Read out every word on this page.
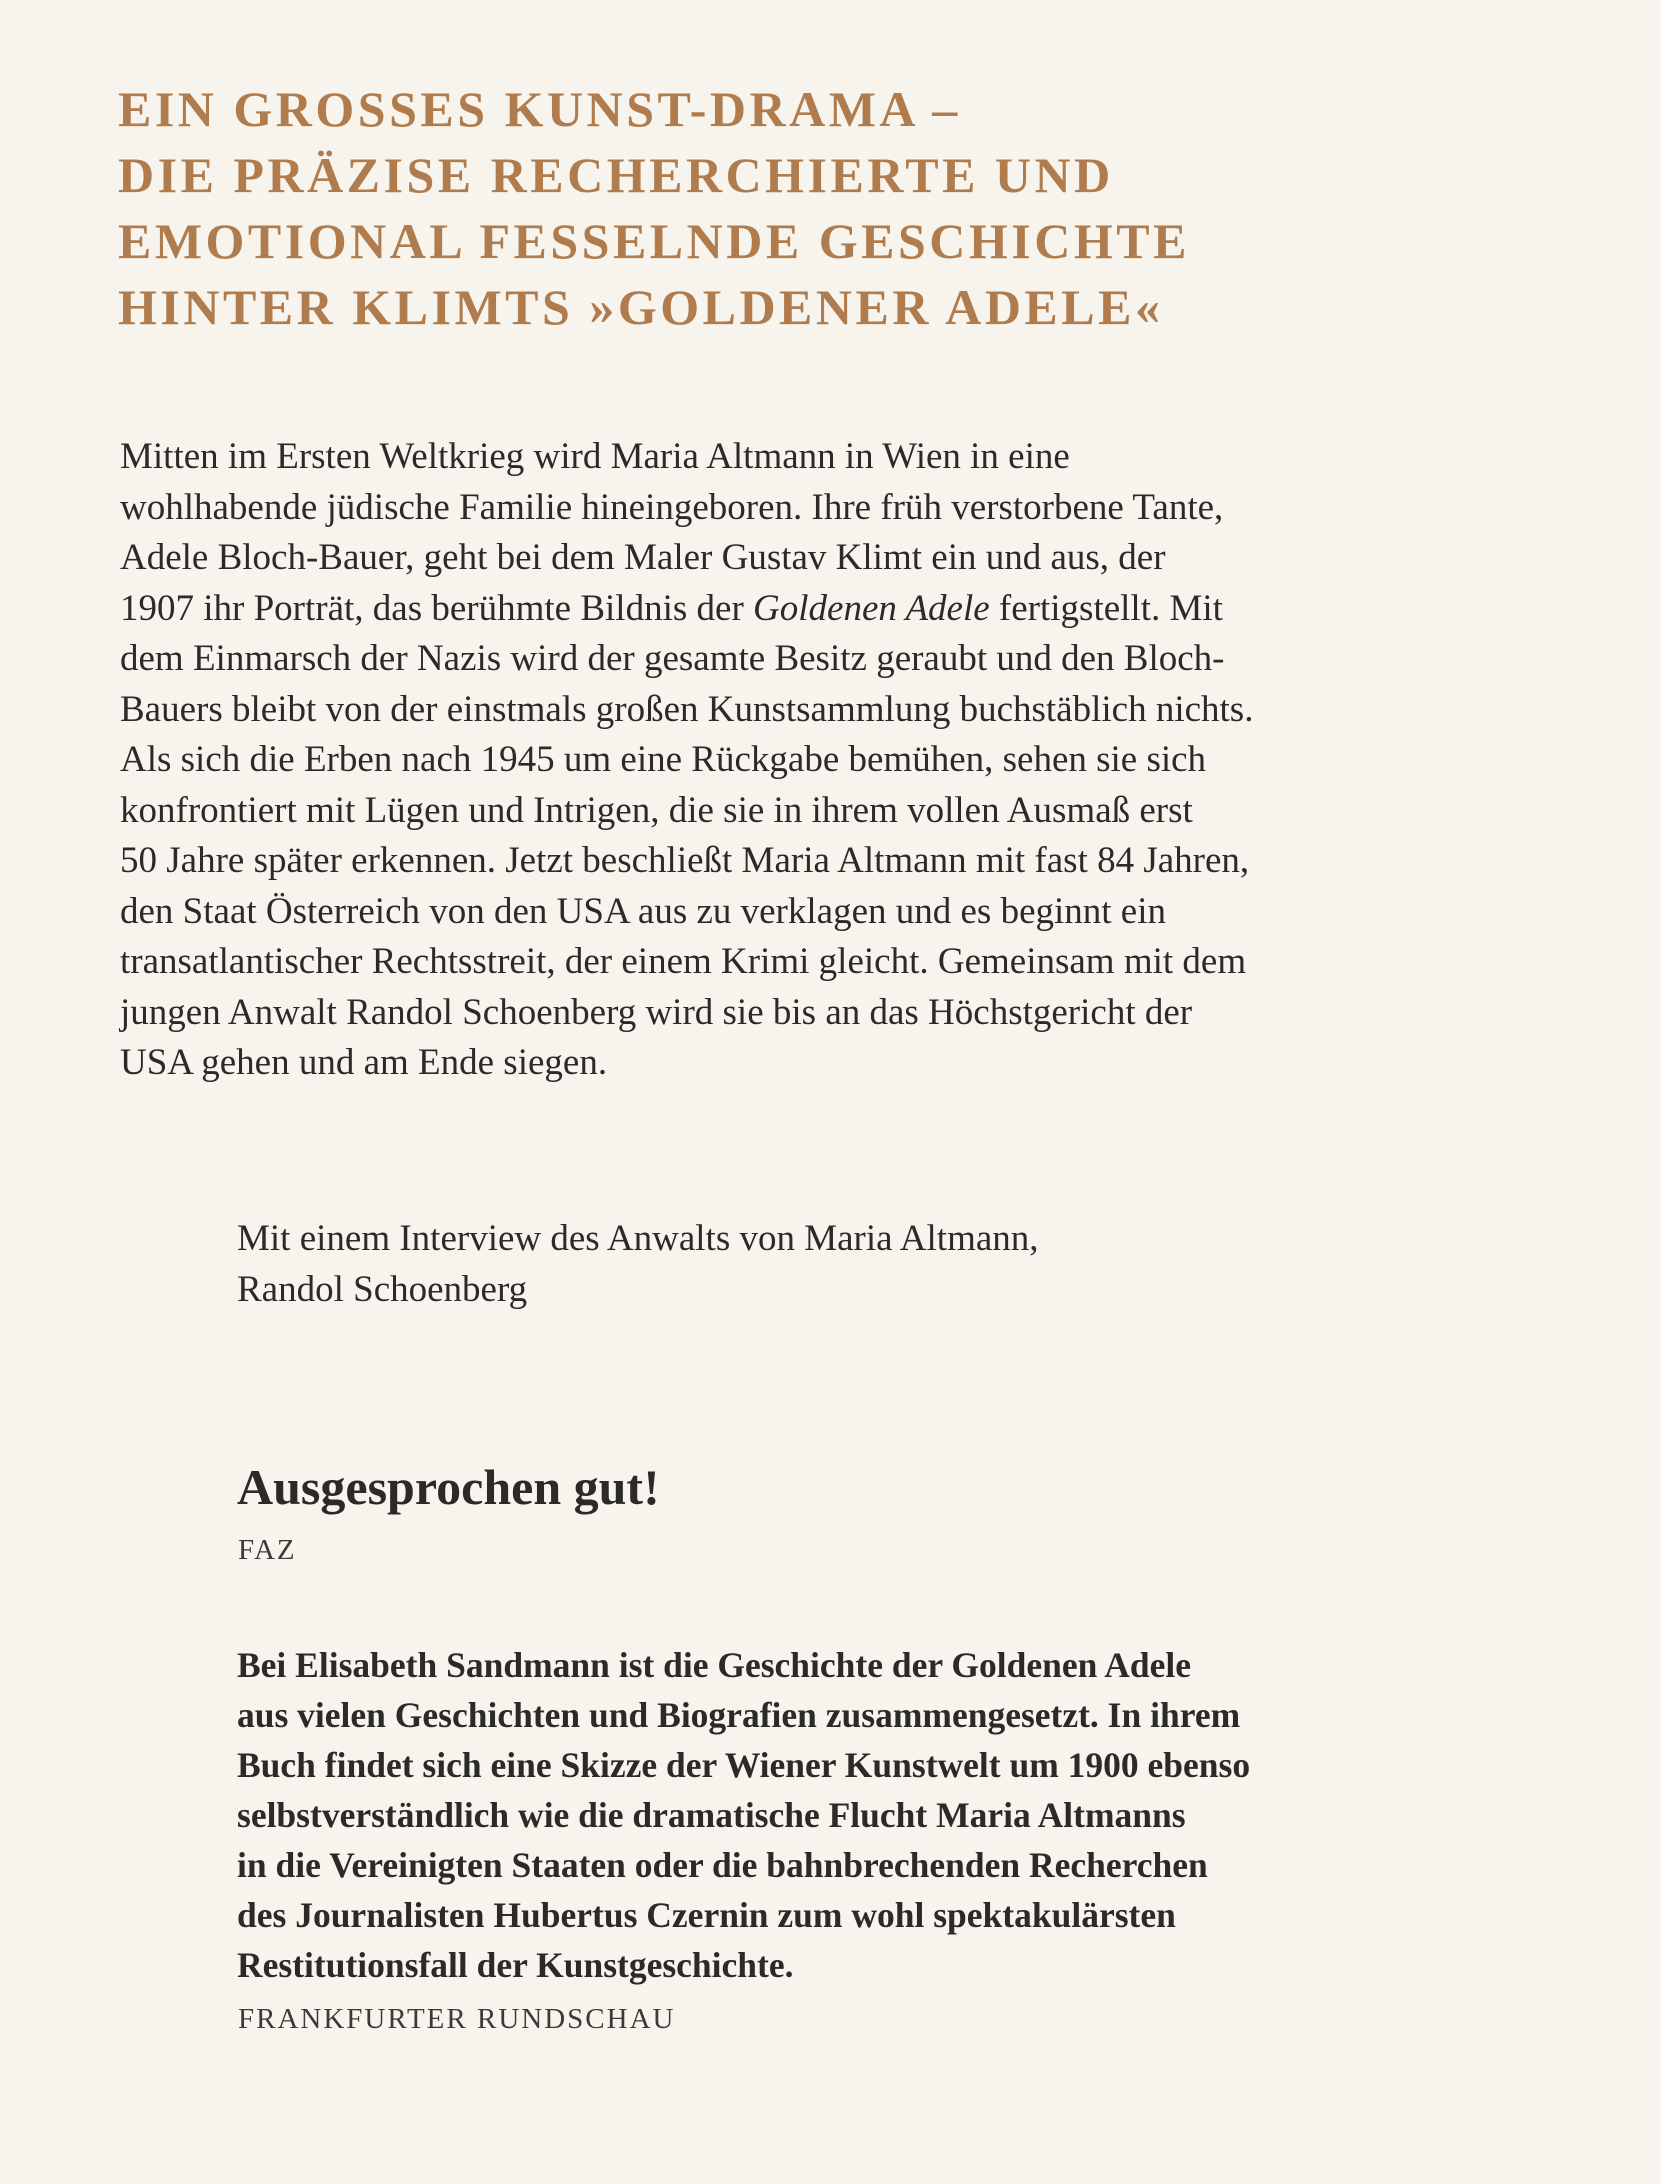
EIN GROSSES KUNST-DRAMA –
DIE PRÄZISE RECHERCHIERTE UND
EMOTIONAL FESSELNDE GESCHICHTE
HINTER KLIMTS »GOLDENER ADELE«

Mitten im Ersten Weltkrieg wird Maria Altmann in Wien in eine
wohlhabende jüdische Familie hineingeboren. Ihre früh verstorbene Tante,
Adele Bloch-Bauer, geht bei dem Maler Gustav Klimt ein und aus, der
1907 ihr Porträt, das berühmte Bildnis der Goldenen Adele fertigstellt. Mit
dem Einmarsch der Nazis wird der gesamte Besitz geraubt und den Bloch-
Bauers bleibt von der einstmals großen Kunstsammlung buchstäblich nichts.
Als sich die Erben nach 1945 um eine Rückgabe bemühen, sehen sie sich
konfrontiert mit Lügen und Intrigen, die sie in ihrem vollen Ausmaß erst
50 Jahre später erkennen. Jetzt beschließt Maria Altmann mit fast 84 Jahren,
den Staat Österreich von den USA aus zu verklagen und es beginnt ein
transatlantischer Rechtsstreit, der einem Krimi gleicht. Gemeinsam mit dem
jungen Anwalt Randol Schoenberg wird sie bis an das Höchstgericht der
USA gehen und am Ende siegen.

Mit einem Interview des Anwalts von Maria Altmann,
Randol Schoenberg

Ausgesprochen gut!

FAZ

Bei Elisabeth Sandmann ist die Geschichte der Goldenen Adele
aus vielen Geschichten und Biografien zusammengesetzt. In ihrem
Buch findet sich eine Skizze der Wiener Kunstwelt um 1900 ebenso
selbstverständlich wie die dramatische Flucht Maria Altmanns
in die Vereinigten Staaten oder die bahnbrechenden Recherchen
des Journalisten Hubertus Czernin zum wohl spektakulärsten
Restitutionsfall der Kunstgeschichte.

FRANKFURTER RUNDSCHAU
